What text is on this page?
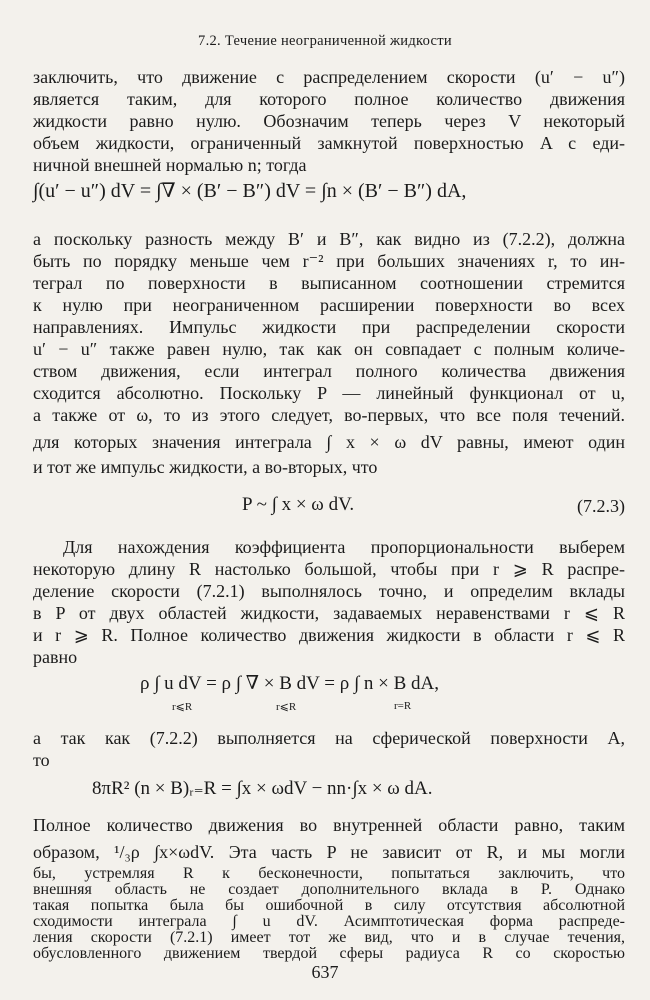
7.2. Течение неограниченной жидкости
заключить, что движение с распределением скорости (u′ − u″)
является таким, для которого полное количество движения
жидкости равно нулю. Обозначим теперь через V некоторый
объем жидкости, ограниченный замкнутой поверхностью A с еди-
ничной внешней нормалью n; тогда
∫(u′ − u″) dV = ∫∇ × (B′ − B″) dV = ∫n × (B′ − B″) dA,
а поскольку разность между B′ и B″, как видно из (7.2.2), должна
быть по порядку меньше чем r⁻² при больших значениях r, то ин-
теграл по поверхности в выписанном соотношении стремится
к нулю при неограниченном расширении поверхности во всех
направлениях. Импульс жидкости при распределении скорости
u′ − u″ также равен нулю, так как он совпадает с полным количе-
ством движения, если интеграл полного количества движения
сходится абсолютно. Поскольку P — линейный функционал от u,
а также от ω, то из этого следует, во-первых, что все поля течений.
для которых значения интеграла ∫ x × ω dV равны, имеют один
и тот же импульс жидкости, а во-вторых, что
P ~ ∫ x × ω dV.	(7.2.3)
Для нахождения коэффициента пропорциональности выберем
некоторую длину R настолько большой, чтобы при r ⩾ R распре-
деление скорости (7.2.1) выполнялось точно, и определим вклады
в P от двух областей жидкости, задаваемых неравенствами r ⩽ R
и r ⩾ R. Полное количество движения жидкости в области r ⩽ R
равно
ρ ∫ u dV = ρ ∫ ∇ × B dV = ρ ∫ n × B dA,
r⩽R	r⩽R	r=R
а так как (7.2.2) выполняется на сферической поверхности A,
то
8πR² (n × B)ᵣ₌R = ∫x × ωdV − nn·∫x × ω dA.
Полное количество движения во внутренней области равно, таким
образом, ¹/₃ρ ∫x×ωdV. Эта часть P не зависит от R, и мы могли
бы, устремляя R к бесконечности, попытаться заключить, что
внешняя область не создает дополнительного вклада в P. Однако
такая попытка была бы ошибочной в силу отсутствия абсолютной
637
сходимости интеграла ∫ u dV. Асимптотическая форма распреде-
ления скорости (7.2.1) имеет тот же вид, что и в случае течения,
обусловленного движением твердой сферы радиуса R со скоростью
